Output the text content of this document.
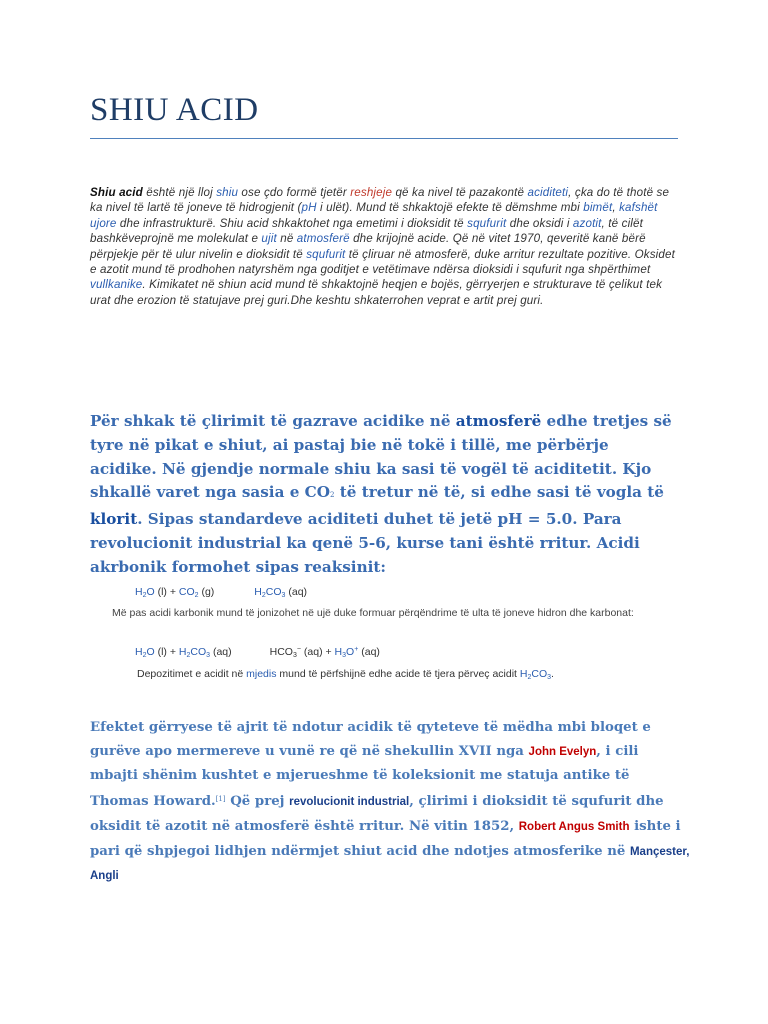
SHIU ACID

Shiu acid është një lloj shiu ose çdo formë tjetër reshjeje që ka nivel të pazakontë aciditeti, çka do të thotë se ka nivel të lartë të joneve të hidrogjenit (pH i ulët). Mund të shkaktojë efekte të dëmshme mbi bimët, kafshët ujore dhe infrastrukturë. Shiu acid shkaktohet nga emetimi i dioksidit të squfurit dhe oksidi i azotit, të cilët bashkëveprojnë me molekulat e ujit në atmosferë dhe krijojnë acide. Që në vitet 1970, qeveritë kanë bërë përpjekje për të ulur nivelin e dioksidit të squfurit të çliruar në atmosferë, duke arritur rezultate pozitive. Oksidet e azotit mund të prodhohen natyrshëm nga goditjet e vetëtimave ndërsa dioksidi i squfurit nga shpërthimet vullkanike. Kimikatet në shiun acid mund të shkaktojnë heqjen e bojës, gërryerjen e strukturave të çelikut tek urat dhe erozion të statujave prej guri.Dhe keshtu shkaterrohen veprat e artit prej guri.

Për shkak të çlirimit të gazrave acidike në atmosferë edhe tretjes së tyre në pikat e shiut, ai pastaj bie në tokë i tillë, me përbërje acidike. Në gjendje normale shiu ka sasi të vogël të aciditetit. Kjo shkallë varet nga sasia e CO2 të tretur në të, si edhe sasi të vogla të klorit. Sipas standardeve aciditeti duhet të jetë pH = 5.0. Para revolucionit industrial ka qenë 5-6, kurse tani është rritur. Acidi akrbonik formohet sipas reaksinit:

$H_2O$ $(l) + CO_2$ (g)	$H_2CO_3$ (aq)

Më pas acidi karbonik mund të jonizohet në ujë duke formuar përqëndrime të ulta të joneve hidron dhe karbonat:

$H_2O$ $(l) + H_2CO_3$ (aq)	$HCO_3^-$ $(aq) + H_3O^+$ (aq)

Depozitimet e acidit në mjedis mund të përfshijnë edhe acide të tjera përveç acidit $H_2CO_3$.

Efektet gërryese të ajrit të ndotur acidik të qyteteve të mëdha mbi bloqet e gurëve apo mermereve u vunë re që në shekullin XVII nga John Evelyn, i cili mbajti shënim kushtet e mjerueshme të koleksionit me statuja antike të Thomas Howard.[1] Që prej revolucionit industrial, çlirimi i dioksidit të squfurit dhe oksidit të azotit në atmosferë është rritur. Në vitin 1852, Robert Angus Smith ishte i pari që shpjegoi lidhjen ndërmjet shiut acid dhe ndotjes atmosferike në Mançester, Angli
